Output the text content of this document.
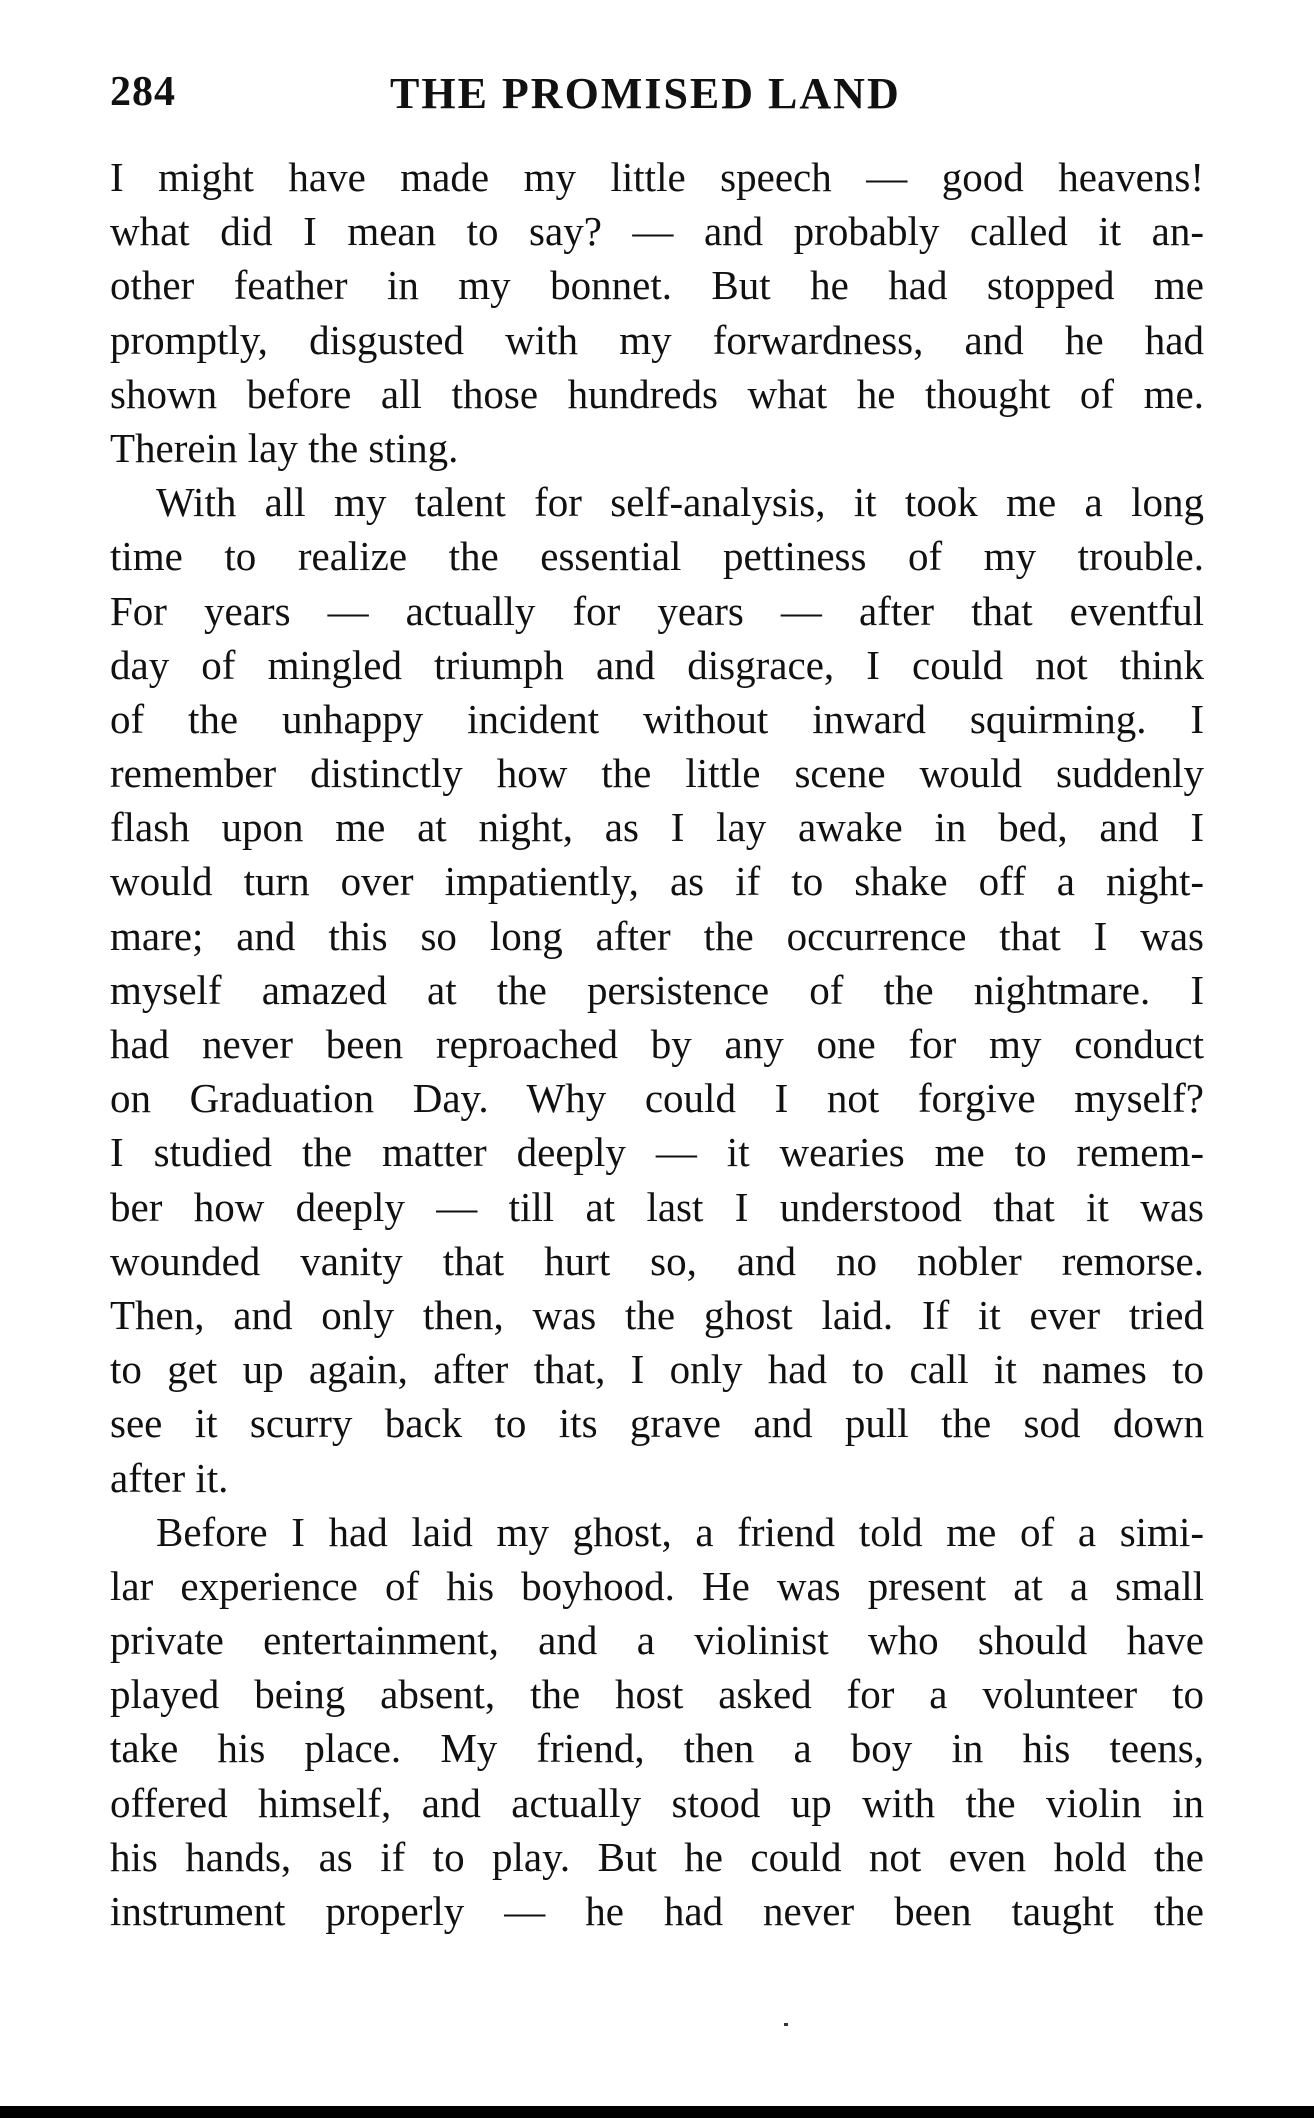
284	THE PROMISED LAND
I might have made my little speech — good heavens!
what did I mean to say? — and probably called it an-
other feather in my bonnet. But he had stopped me
promptly, disgusted with my forwardness, and he had
shown before all those hundreds what he thought of me.
Therein lay the sting.
With all my talent for self-analysis, it took me a long
time to realize the essential pettiness of my trouble.
For years — actually for years — after that eventful
day of mingled triumph and disgrace, I could not think
of the unhappy incident without inward squirming. I
remember distinctly how the little scene would suddenly
flash upon me at night, as I lay awake in bed, and I
would turn over impatiently, as if to shake off a night-
mare; and this so long after the occurrence that I was
myself amazed at the persistence of the nightmare. I
had never been reproached by any one for my conduct
on Graduation Day. Why could I not forgive myself?
I studied the matter deeply — it wearies me to remem-
ber how deeply — till at last I understood that it was
wounded vanity that hurt so, and no nobler remorse.
Then, and only then, was the ghost laid. If it ever tried
to get up again, after that, I only had to call it names to
see it scurry back to its grave and pull the sod down
after it.
Before I had laid my ghost, a friend told me of a simi-
lar experience of his boyhood. He was present at a small
private entertainment, and a violinist who should have
played being absent, the host asked for a volunteer to
take his place. My friend, then a boy in his teens,
offered himself, and actually stood up with the violin in
his hands, as if to play. But he could not even hold the
instrument properly — he had never been taught the
